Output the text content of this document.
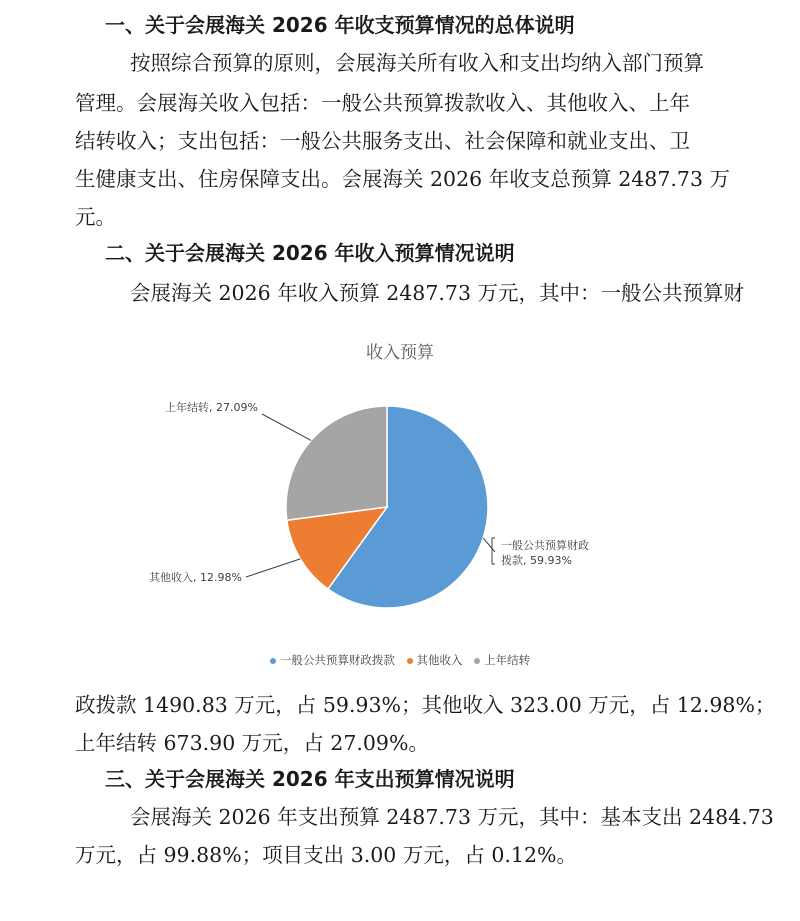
一、关于会展海关 2026 年收支预算情况的总体说明
按照综合预算的原则，会展海关所有收入和支出均纳入部门预算
管理。会展海关收入包括：一般公共预算拨款收入、其他收入、上年
结转收入；支出包括：一般公共服务支出、社会保障和就业支出、卫
生健康支出、住房保障支出。会展海关 2026 年收支总预算 2487.73 万
元。
二、关于会展海关 2026 年收入预算情况说明
会展海关 2026 年收入预算 2487.73 万元，其中：一般公共预算财
收入预算
一般公共预算财政
拨款, 59.93%
其他收入, 12.98%
上年结转, 27.09%
一般公共预算财政拨款 其他收入 上年结转
政拨款 1490.83 万元，占 59.93%；其他收入 323.00 万元，占 12.98%；
上年结转 673.90 万元，占 27.09%。
三、关于会展海关 2026 年支出预算情况说明
会展海关 2026 年支出预算 2487.73 万元，其中：基本支出 2484.73
万元，占 99.88%；项目支出 3.00 万元，占 0.12%。
